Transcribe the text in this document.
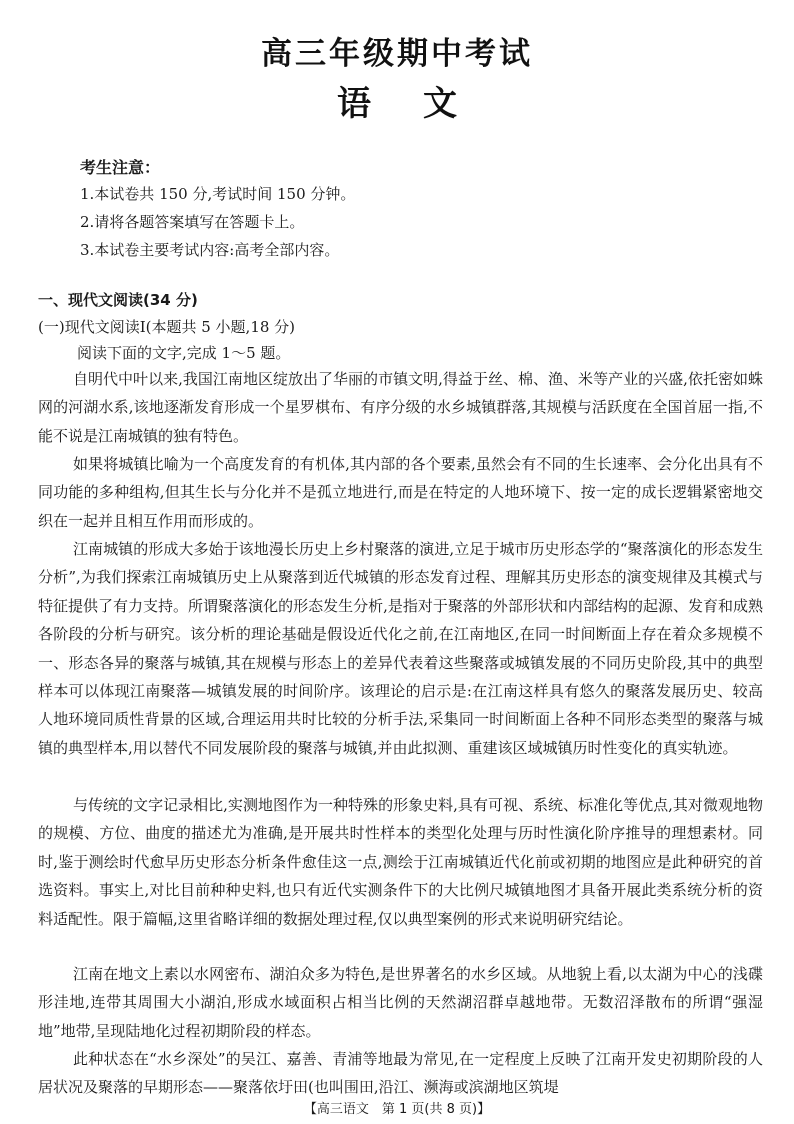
高三年级期中考试
语文
考生注意：
1.本试卷共 150 分,考试时间 150 分钟。
2.请将各题答案填写在答题卡上。
3.本试卷主要考试内容:高考全部内容。
一、现代文阅读(34 分)
(一)现代文阅读Ⅰ(本题共 5 小题,18 分)
阅读下面的文字,完成 1～5 题。

自明代中叶以来,我国江南地区绽放出了华丽的市镇文明,得益于丝、棉、渔、米等产业的兴盛,依托密如蛛网的河湖水系,该地逐渐发育形成一个星罗棋布、有序分级的水乡城镇群落,其规模与活跃度在全国首屈一指,不能不说是江南城镇的独有特色。

如果将城镇比喻为一个高度发育的有机体,其内部的各个要素,虽然会有不同的生长速率、会分化出具有不同功能的多种组构,但其生长与分化并不是孤立地进行,而是在特定的人地环境下、按一定的成长逻辑紧密地交织在一起并且相互作用而形成的。

江南城镇的形成大多始于该地漫长历史上乡村聚落的演进,立足于城市历史形态学的“聚落演化的形态发生分析”,为我们探索江南城镇历史上从聚落到近代城镇的形态发育过程、理解其历史形态的演变规律及其模式与特征提供了有力支持。所谓聚落演化的形态发生分析,是指对于聚落的外部形状和内部结构的起源、发育和成熟各阶段的分析与研究。该分析的理论基础是假设近代化之前,在江南地区,在同一时间断面上存在着众多规模不一、形态各异的聚落与城镇,其在规模与形态上的差异代表着这些聚落或城镇发展的不同历史阶段,其中的典型样本可以体现江南聚落—城镇发展的时间阶序。该理论的启示是:在江南这样具有悠久的聚落发展历史、较高人地环境同质性背景的区域,合理运用共时比较的分析手法,采集同一时间断面上各种不同形态类型的聚落与城镇的典型样本,用以替代不同发展阶段的聚落与城镇,并由此拟测、重建该区域城镇历时性变化的真实轨迹。

与传统的文字记录相比,实测地图作为一种特殊的形象史料,具有可视、系统、标准化等优点,其对微观地物的规模、方位、曲度的描述尤为准确,是开展共时性样本的类型化处理与历时性演化阶序推导的理想素材。同时,鉴于测绘时代愈早历史形态分析条件愈佳这一点,测绘于江南城镇近代化前或初期的地图应是此种研究的首选资料。事实上,对比目前种种史料,也只有近代实测条件下的大比例尺城镇地图才具备开展此类系统分析的资料适配性。限于篇幅,这里省略详细的数据处理过程,仅以典型案例的形式来说明研究结论。

江南在地文上素以水网密布、湖泊众多为特色,是世界著名的水乡区域。从地貌上看,以太湖为中心的浅碟形洼地,连带其周围大小湖泊,形成水域面积占相当比例的天然湖沼群卓越地带。无数沼泽散布的所谓“强湿地”地带,呈现陆地化过程初期阶段的样态。

此种状态在“水乡深处”的吴江、嘉善、青浦等地最为常见,在一定程度上反映了江南开发史初期阶段的人居状况及聚落的早期形态——聚落依圩田(也叫围田,沿江、濒海或滨湖地区筑堤

【高三语文　第 1 页(共 8 页)】
